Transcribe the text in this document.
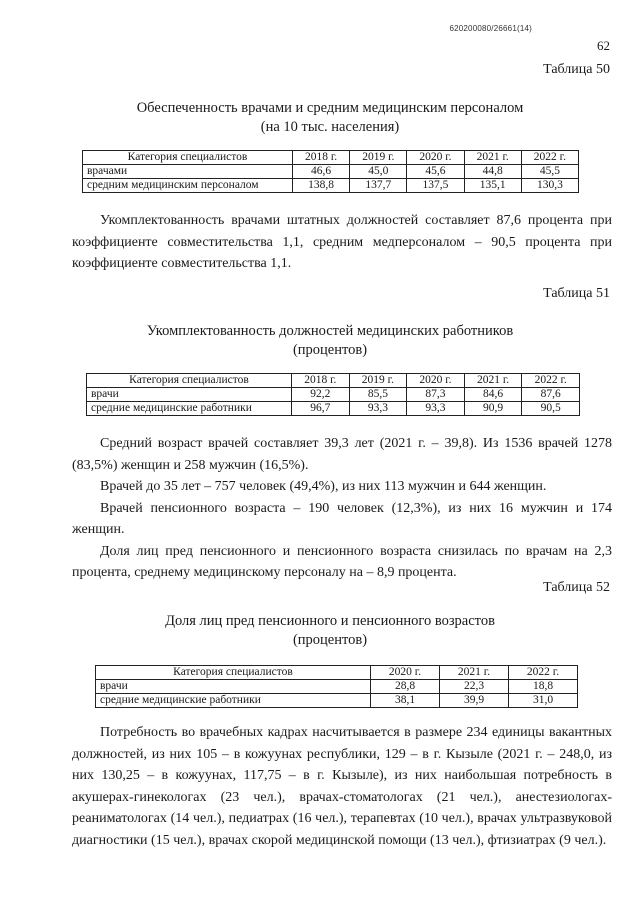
620200080/26661(14)
62
Таблица 50
Обеспеченность врачами и средним медицинским персоналом
(на 10 тыс. населения)
Категория специалистов	2018 г.	2019 г.	2020 г.	2021 г.	2022 г.
врачами	46,6	45,0	45,6	44,8	45,5
средним медицинским персоналом	138,8	137,7	137,5	135,1	130,3

Укомплектованность врачами штатных должностей составляет 87,6 процента при коэффициенте совместительства 1,1, средним медперсоналом – 90,5 процента при коэффициенте совместительства 1,1.

Таблица 51
Укомплектованность должностей медицинских работников
(процентов)
Категория специалистов	2018 г.	2019 г.	2020 г.	2021 г.	2022 г.
врачи	92,2	85,5	87,3	84,6	87,6
средние медицинские работники	96,7	93,3	93,3	90,9	90,5

Средний возраст врачей составляет 39,3 лет (2021 г. – 39,8). Из 1536 врачей 1278 (83,5%) женщин и 258 мужчин (16,5%).

Врачей до 35 лет – 757 человек (49,4%), из них 113 мужчин и 644 женщин.

Врачей пенсионного возраста – 190 человек (12,3%), из них 16 мужчин и 174 женщин.

Доля лиц пред пенсионного и пенсионного возраста снизилась по врачам на 2,3 процента, среднему медицинскому персоналу на – 8,9 процента.

Таблица 52
Доля лиц пред пенсионного и пенсионного возрастов
(процентов)
Категория специалистов	2020 г.	2021 г.	2022 г.
врачи	28,8	22,3	18,8
средние медицинские работники	38,1	39,9	31,0

Потребность во врачебных кадрах насчитывается в размере 234 единицы вакантных должностей, из них 105 – в кожуунах республики, 129 – в г. Кызыле (2021 г. – 248,0, из них 130,25 – в кожуунах, 117,75 – в г. Кызыле), из них наибольшая потребность в акушерах-гинекологах (23 чел.), врачах-стоматологах (21 чел.), анестезиологах-реаниматологах (14 чел.), педиатрах (16 чел.), терапевтах (10 чел.), врачах ультразвуковой диагностики (15 чел.), врачах скорой медицинской помощи (13 чел.), фтизиатрах (9 чел.).
